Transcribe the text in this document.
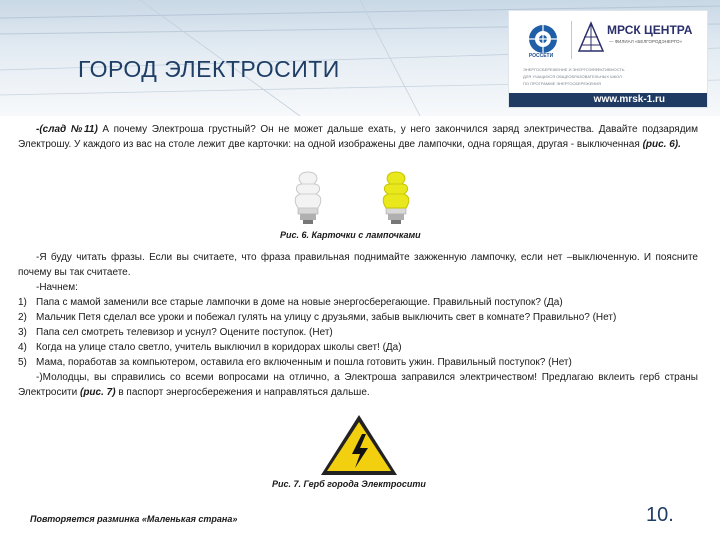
ГОРОД ЭЛЕКТРОСИТИ	РОССЕТИ
МРСК ЦЕНТРА
— ФИЛИАЛ «БЕЛГОРОДЭНЕРГО»
ЭНЕРГОСБЕРЕЖЕНИЕ И ЭНЕРГОЭФФЕКТИВНОСТЬ
ДЛЯ УЧАЩИХСЯ ОБЩЕОБРАЗОВАТЕЛЬНЫХ ШКОЛ
ПО ПРОГРАММЕ ЭНЕРГОСБЕРЕЖЕНИЯ
www.mrsk-1.ru

-(слад №11) А почему Электроша грустный? Он не может дальше ехать, у него закончился заряд электричества. Давайте подзарядим Электрошу. У каждого из вас на столе лежит две карточки: на одной изображены две лампочки, одна горящая, другая - выключенная (рис. 6).

Рис. 6. Карточки с лампочками

-Я буду читать фразы. Если вы считаете, что фраза правильная поднимайте зажженную лампочку, если нет –выключенную. И поясните почему вы так считаете.

-Начнем:

1) Папа с мамой заменили все старые лампочки в доме на новые энергосберегающие. Правильный поступок? (Да)
2) Мальчик Петя сделал все уроки и побежал гулять на улицу с друзьями, забыв выключить свет в комнате? Правильно? (Нет)
3) Папа сел смотреть телевизор и уснул? Оцените поступок. (Нет)
4) Когда на улице стало светло, учитель выключил в коридорах школы свет! (Да)
5) Мама, поработав за компьютером, оставила его включенным и пошла готовить ужин. Правильный поступок? (Нет)

-)Молодцы, вы справились со всеми вопросами на отлично, а Электроша заправился электричеством! Предлагаю вклеить герб страны Электросити (рис. 7) в паспорт энергосбережения и направляться дальше.

Рис. 7. Герб города Электросити
Повторяется разминка «Маленькая страна»	10.
